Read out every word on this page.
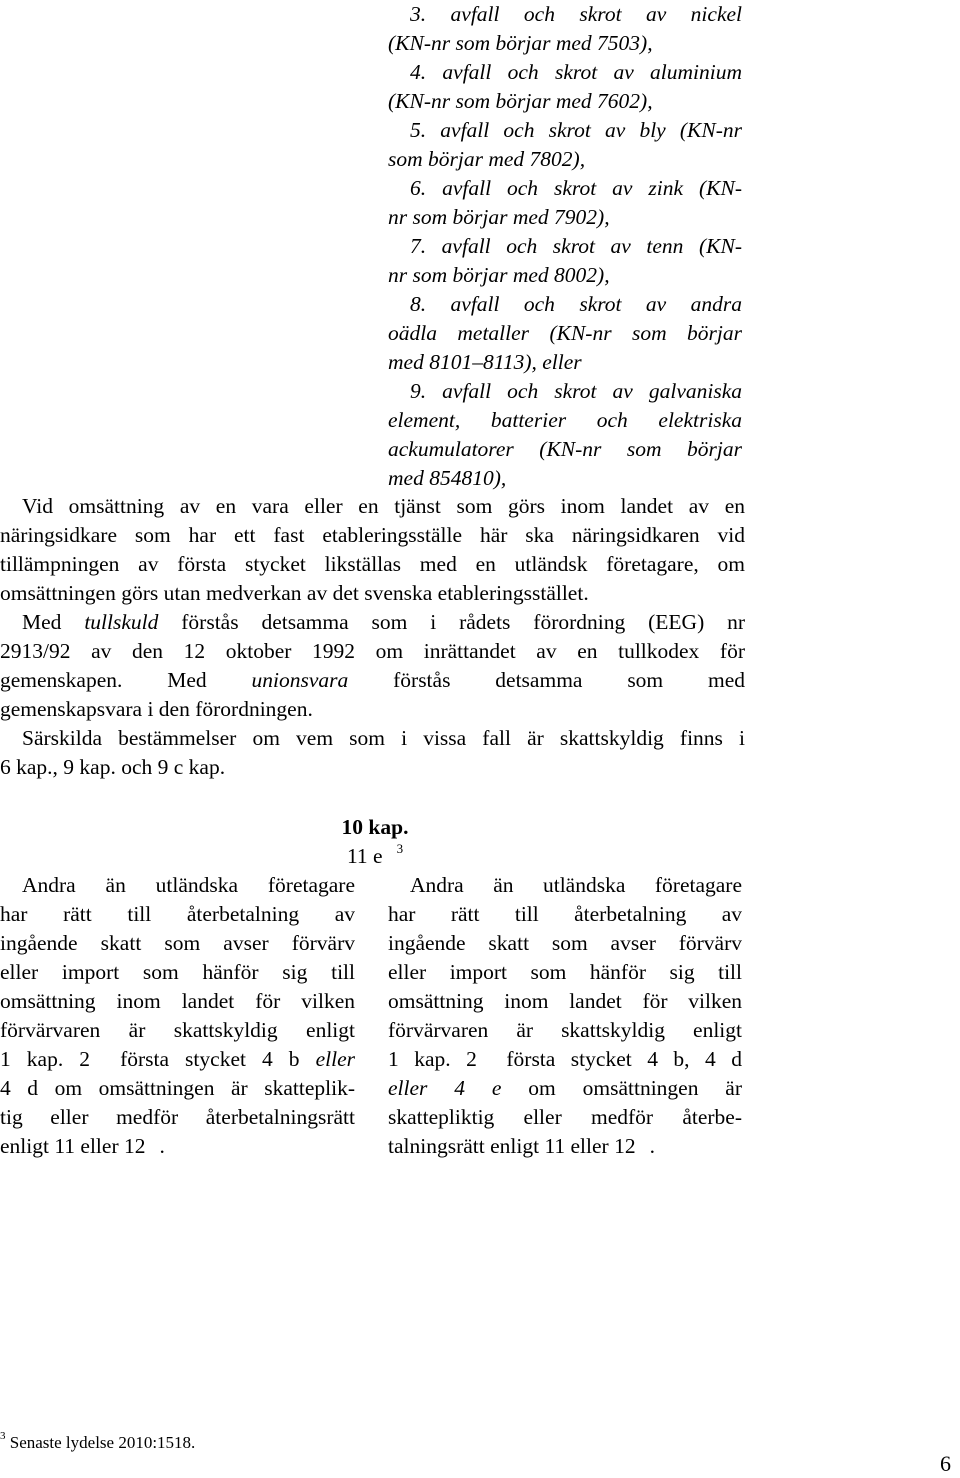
3. avfall och skrot av nickel
(KN-nr som börjar med 7503),
4. avfall och skrot av aluminium
(KN-nr som börjar med 7602),
5. avfall och skrot av bly (KN-nr
som börjar med 7802),
6. avfall och skrot av zink (KN-
nr som börjar med 7902),
7. avfall och skrot av tenn (KN-
nr som börjar med 8002),
8. avfall och skrot av andra
oädla metaller (KN-nr som börjar
med 8101–8113), eller
9. avfall och skrot av galvaniska
element, batterier och elektriska
ackumulatorer (KN-nr som börjar
med 854810),
Vid omsättning av en vara eller en tjänst som görs inom landet av en
näringsidkare som har ett fast etableringsställe här ska näringsidkaren vid
tillämpningen av första stycket likställas med en utländsk företagare, om
omsättningen görs utan medverkan av det svenska etableringsstället.
Med tullskuld förstås detsamma som i rådets förordning (EEG) nr
2913/92 av den 12 oktober 1992 om inrättandet av en tullkodex för
gemenskapen. Med unionsvara förstås detsamma som med
gemenskapsvara i den förordningen.
Särskilda bestämmelser om vem som i vissa fall är skattskyldig finns i
6 kap., 9 kap. och 9 c kap.
10 kap.
11 e $^3$
Andra än utländska företagare
har rätt till återbetalning av
ingående skatt som avser förvärv
eller import som hänför sig till
omsättning inom landet för vilken
förvärvaren är skattskyldig enligt
1 kap. 2 första stycket 4 b eller
4 d om omsättningen är skatteplik-
tig eller medför återbetalningsrätt
enligt 11 eller 12 .
Andra än utländska företagare
har rätt till återbetalning av
ingående skatt som avser förvärv
eller import som hänför sig till
omsättning inom landet för vilken
förvärvaren är skattskyldig enligt
1 kap. 2 första stycket 4 b, 4 d
eller 4 e om omsättningen är
skattepliktig eller medför återbe-
talningsrätt enligt 11 eller 12 .
$^3$ Senaste lydelse 2010:1518.
6
